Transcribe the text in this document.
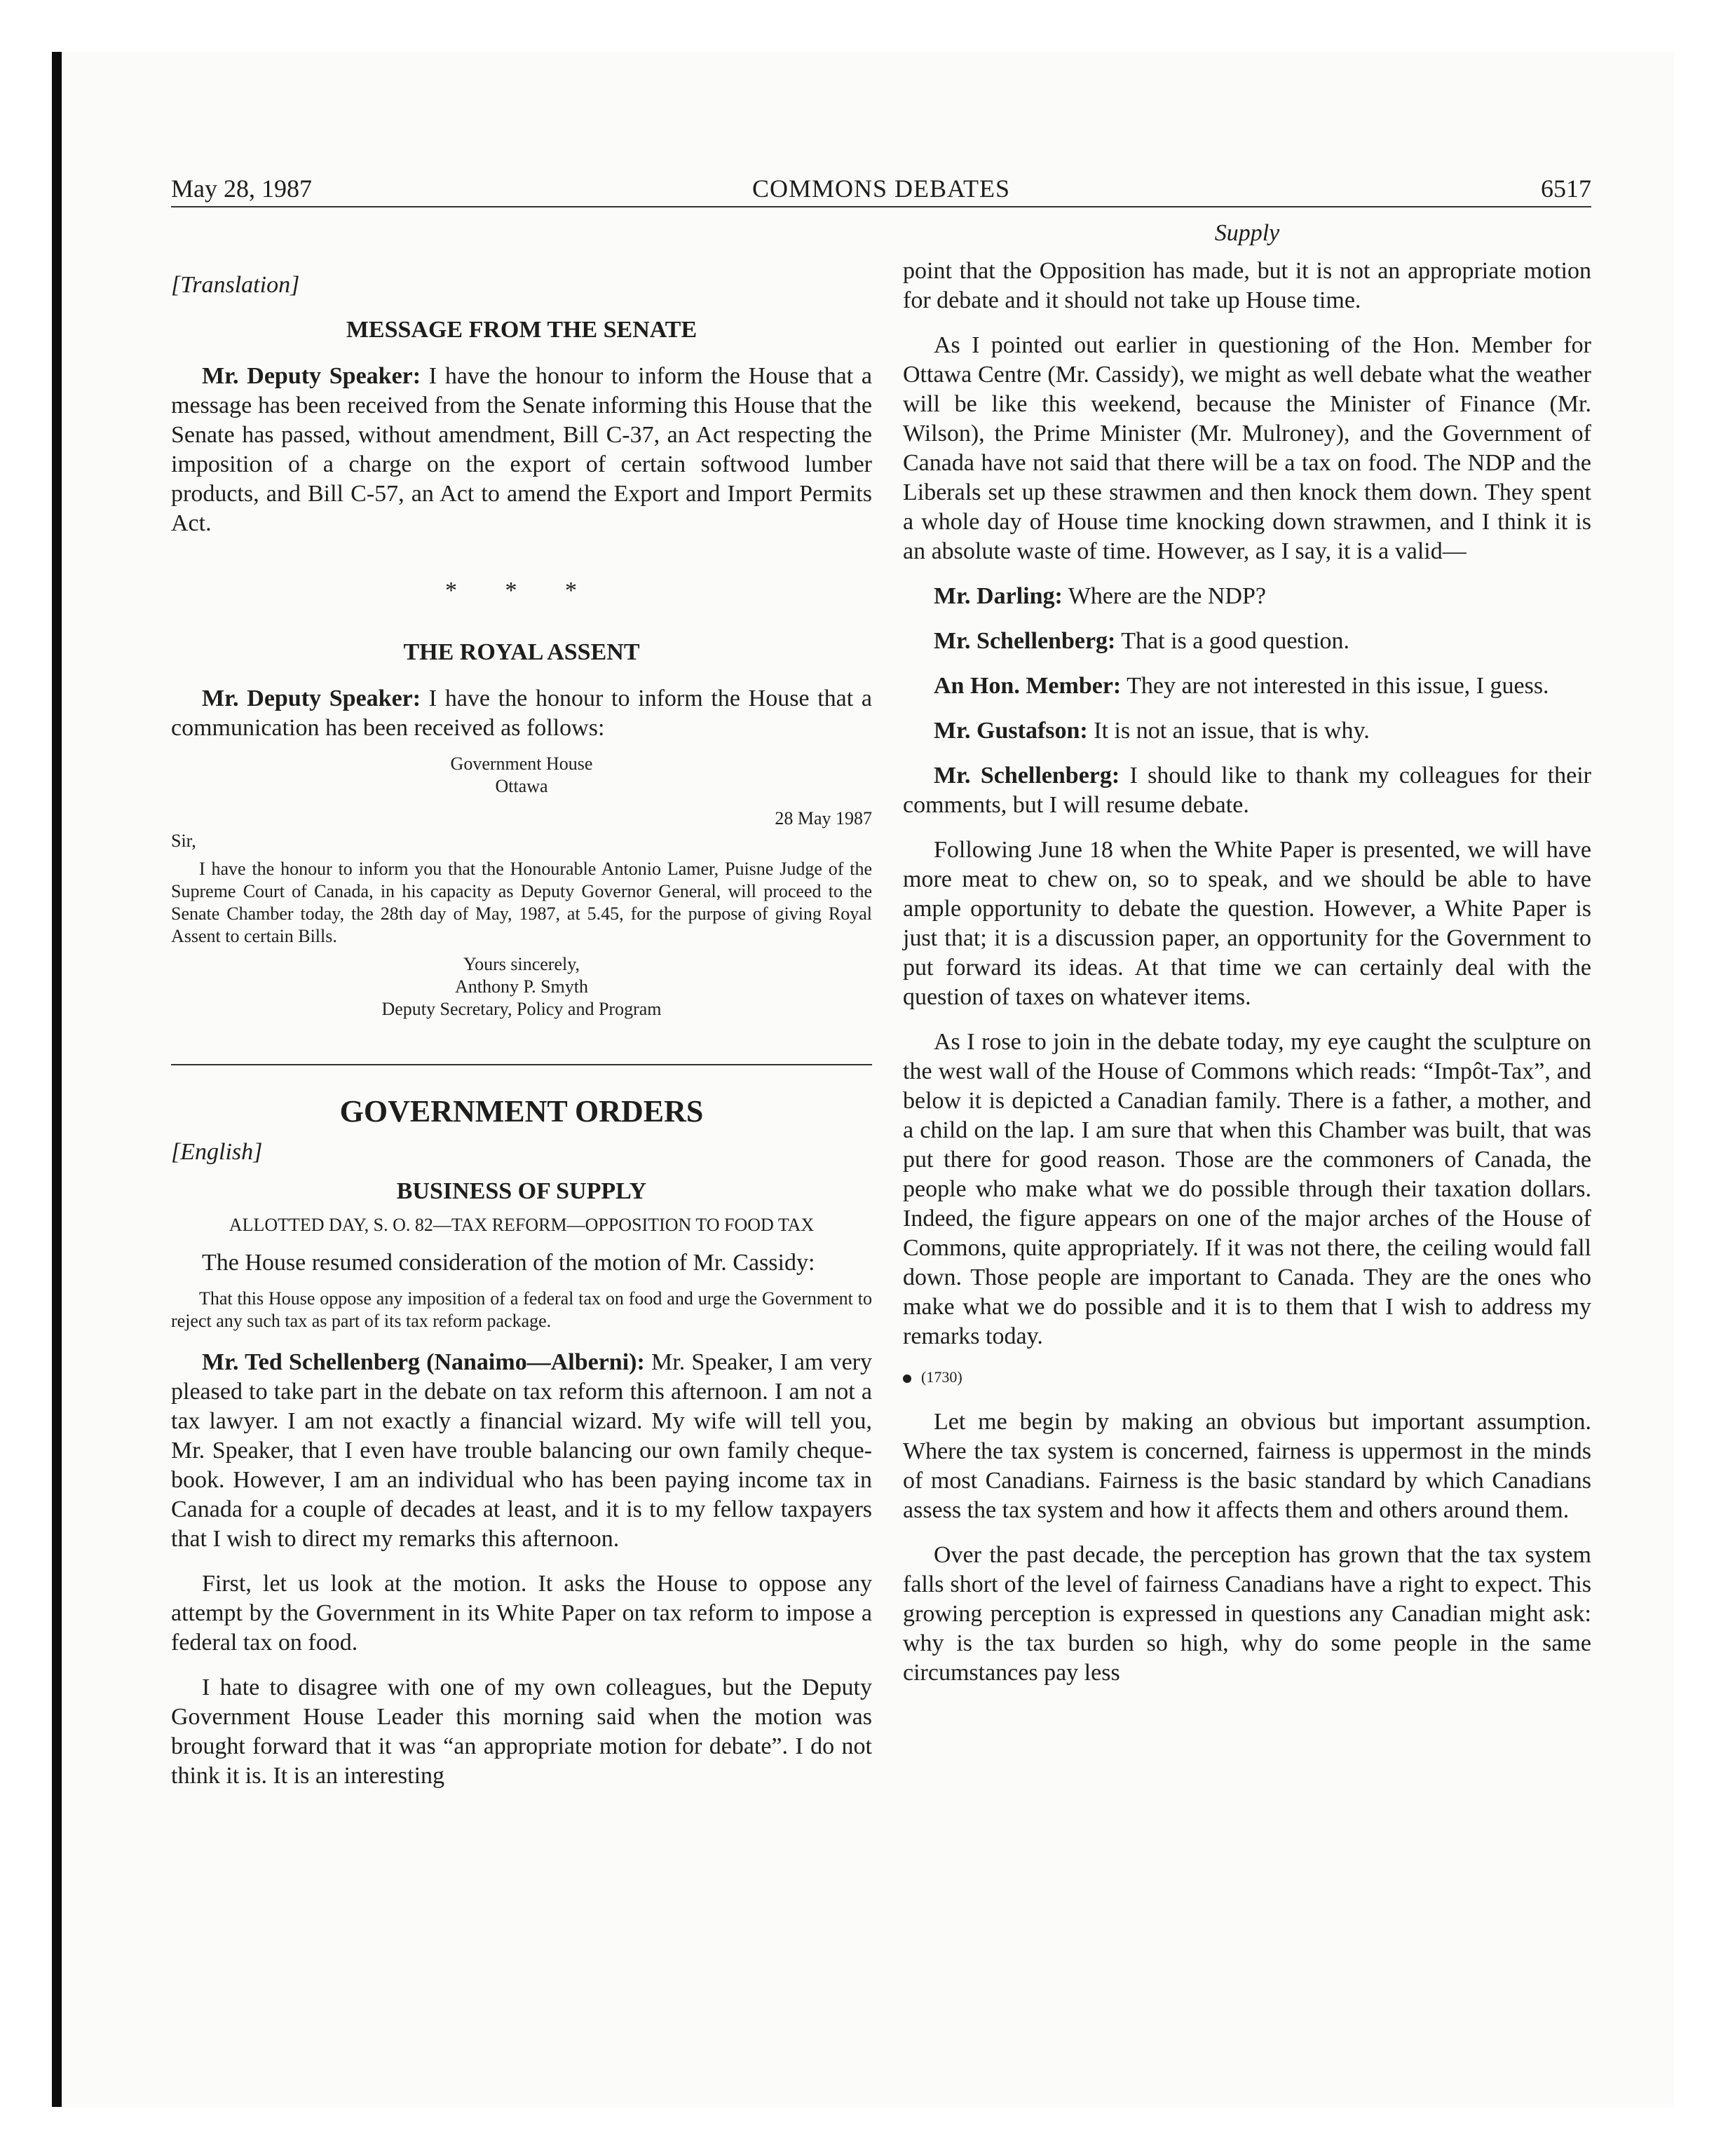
May 28, 1987	COMMONS DEBATES	6517
[Translation]
MESSAGE FROM THE SENATE

Mr. Deputy Speaker: I have the honour to inform the House that a message has been received from the Senate informing this House that the Senate has passed, without amendment, Bill C-37, an Act respecting the imposition of a charge on the export of certain softwood lumber products, and Bill C-57, an Act to amend the Export and Import Permits Act.

* * *
THE ROYAL ASSENT

Mr. Deputy Speaker: I have the honour to inform the House that a communication has been received as follows:

Government House
Ottawa
28 May 1987
Sir,

I have the honour to inform you that the Honourable Antonio Lamer, Puisne Judge of the Supreme Court of Canada, in his capacity as Deputy Governor General, will proceed to the Senate Chamber today, the 28th day of May, 1987, at 5.45, for the purpose of giving Royal Assent to certain Bills.

Yours sincerely,
Anthony P. Smyth
Deputy Secretary, Policy and Program
GOVERNMENT ORDERS
[English]
BUSINESS OF SUPPLY
ALLOTTED DAY, S. O. 82—TAX REFORM—OPPOSITION TO FOOD TAX

The House resumed consideration of the motion of Mr. Cassidy:

That this House oppose any imposition of a federal tax on food and urge the Government to reject any such tax as part of its tax reform package.

Mr. Ted Schellenberg (Nanaimo—Alberni): Mr. Speaker, I am very pleased to take part in the debate on tax reform this afternoon. I am not a tax lawyer. I am not exactly a financial wizard. My wife will tell you, Mr. Speaker, that I even have trouble balancing our own family cheque-book. However, I am an individual who has been paying income tax in Canada for a couple of decades at least, and it is to my fellow taxpayers that I wish to direct my remarks this afternoon.

First, let us look at the motion. It asks the House to oppose any attempt by the Government in its White Paper on tax reform to impose a federal tax on food.

I hate to disagree with one of my own colleagues, but the Deputy Government House Leader this morning said when the motion was brought forward that it was “an appropriate motion for debate”. I do not think it is. It is an interesting

Supply

point that the Opposition has made, but it is not an appropriate motion for debate and it should not take up House time.

As I pointed out earlier in questioning of the Hon. Member for Ottawa Centre (Mr. Cassidy), we might as well debate what the weather will be like this weekend, because the Minister of Finance (Mr. Wilson), the Prime Minister (Mr. Mulroney), and the Government of Canada have not said that there will be a tax on food. The NDP and the Liberals set up these strawmen and then knock them down. They spent a whole day of House time knocking down strawmen, and I think it is an absolute waste of time. However, as I say, it is a valid—

Mr. Darling: Where are the NDP?

Mr. Schellenberg: That is a good question.

An Hon. Member: They are not interested in this issue, I guess.

Mr. Gustafson: It is not an issue, that is why.

Mr. Schellenberg: I should like to thank my colleagues for their comments, but I will resume debate.

Following June 18 when the White Paper is presented, we will have more meat to chew on, so to speak, and we should be able to have ample opportunity to debate the question. However, a White Paper is just that; it is a discussion paper, an opportunity for the Government to put forward its ideas. At that time we can certainly deal with the question of taxes on whatever items.

As I rose to join in the debate today, my eye caught the sculpture on the west wall of the House of Commons which reads: “Impôt-Tax”, and below it is depicted a Canadian family. There is a father, a mother, and a child on the lap. I am sure that when this Chamber was built, that was put there for good reason. Those are the commoners of Canada, the people who make what we do possible through their taxation dollars. Indeed, the figure appears on one of the major arches of the House of Commons, quite appropriately. If it was not there, the ceiling would fall down. Those people are important to Canada. They are the ones who make what we do possible and it is to them that I wish to address my remarks today.

(1730)

Let me begin by making an obvious but important assumption. Where the tax system is concerned, fairness is uppermost in the minds of most Canadians. Fairness is the basic standard by which Canadians assess the tax system and how it affects them and others around them.

Over the past decade, the perception has grown that the tax system falls short of the level of fairness Canadians have a right to expect. This growing perception is expressed in questions any Canadian might ask: why is the tax burden so high, why do some people in the same circumstances pay less
